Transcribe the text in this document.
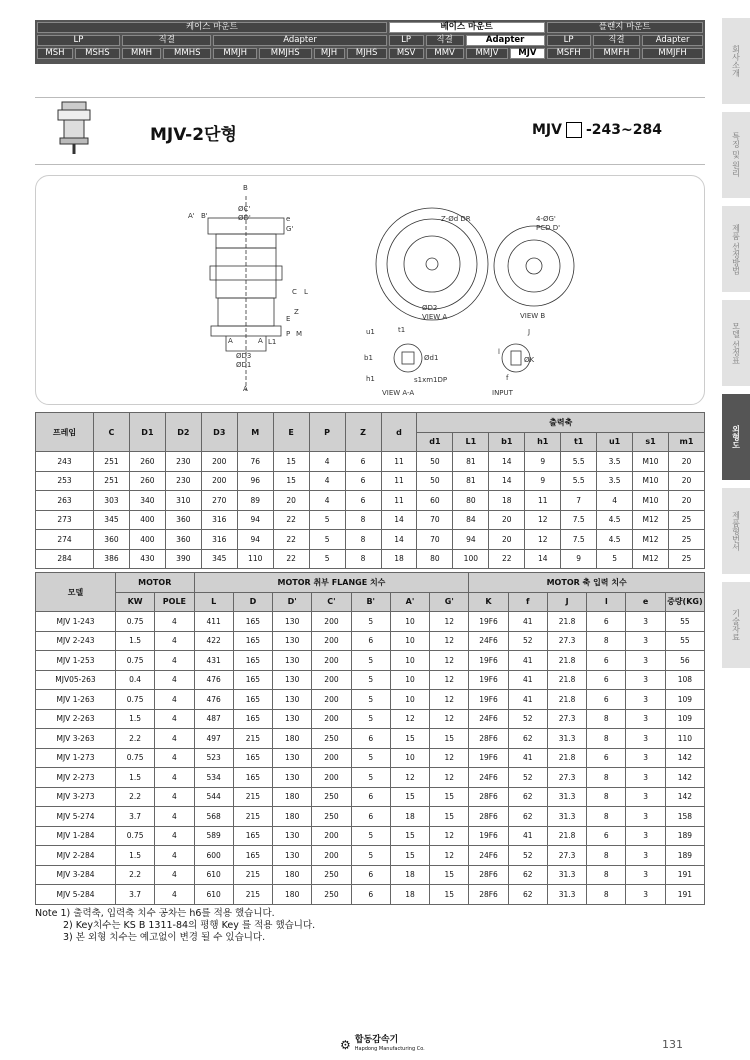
케이스 마운트								베이스 마운트				플랜지 마운트		
LP		직결		Adapter				LP	직결	Adapter		LP	직결	Adapter
MSH	MSHS	MMH	MMHS	MMJH	MMJHS	MJH	MJHS	MSV	MMV	MMJV	MJV	MSFH	MMFH	MMJFH	회사소개
특징 및 원리
제품 선정방법
모델 선정표
외형도
제품형번서
기술자료
MJV-2단형	MJV -243~284
B
ØC'
ØD'
A' B'
G'
e
C L
E
P M
L1
Z
A	A
ØD3
ØD1
A
Z-Ød DR	4-ØG'
PCD D'
ØD2
VIEW A	VIEW B
u1	t1
b1
h1
Ød1
s1xm1DP
VIEW A-A
J
l
ØK
f
INPUT
프레임	C	D1	D2	D3	M	E	P	Z	d	출력축							
										d1	L1	b1	h1	t1	u1	s1	m1
243	251	260	230	200	76	15	4	6	11	50	81	14	9	5.5	3.5	M10	20
253	251	260	230	200	96	15	4	6	11	50	81	14	9	5.5	3.5	M10	20
263	303	340	310	270	89	20	4	6	11	60	80	18	11	7	4	M10	20
273	345	400	360	316	94	22	5	8	14	70	84	20	12	7.5	4.5	M12	25
274	360	400	360	316	94	22	5	8	14	70	94	20	12	7.5	4.5	M12	25
284	386	430	390	345	110	22	5	8	18	80	100	22	14	9	5	M12	25
모델	MOTOR		MOTOR 취부 FLANGE 치수							MOTOR 축 입력 치수					
	KW	POLE	L	D	D'	C'	B'	A'	G'	K	f	J	l	e	중량(KG)
MJV 1-243	0.75	4	411	165	130	200	5	10	12	19F6	41	21.8	6	3	55
MJV 2-243	1.5	4	422	165	130	200	6	10	12	24F6	52	27.3	8	3	55
MJV 1-253	0.75	4	431	165	130	200	5	10	12	19F6	41	21.8	6	3	56
MJV05-263	0.4	4	476	165	130	200	5	10	12	19F6	41	21.8	6	3	108
MJV 1-263	0.75	4	476	165	130	200	5	10	12	19F6	41	21.8	6	3	109
MJV 2-263	1.5	4	487	165	130	200	5	12	12	24F6	52	27.3	8	3	109
MJV 3-263	2.2	4	497	215	180	250	6	15	15	28F6	62	31.3	8	3	110
MJV 1-273	0.75	4	523	165	130	200	5	10	12	19F6	41	21.8	6	3	142
MJV 2-273	1.5	4	534	165	130	200	5	12	12	24F6	52	27.3	8	3	142
MJV 3-273	2.2	4	544	215	180	250	6	15	15	28F6	62	31.3	8	3	142
MJV 5-274	3.7	4	568	215	180	250	6	18	15	28F6	62	31.3	8	3	158
MJV 1-284	0.75	4	589	165	130	200	5	15	12	19F6	41	21.8	6	3	189
MJV 2-284	1.5	4	600	165	130	200	5	15	12	24F6	52	27.3	8	3	189
MJV 3-284	2.2	4	610	215	180	250	6	18	15	28F6	62	31.3	8	3	191
MJV 5-284	3.7	4	610	215	180	250	6	18	15	28F6	62	31.3	8	3	191
Note 1) 출력축, 입력축 치수 공차는 h6를 적용 했습니다.
2) Key치수는 KS B 1311-84의 평행 Key 를 적용 했습니다.
3) 본 외형 치수는 예고없이 변경 될 수 있습니다.
⚙ 합동감속기
Hapdong Manufacturing Co.	131
